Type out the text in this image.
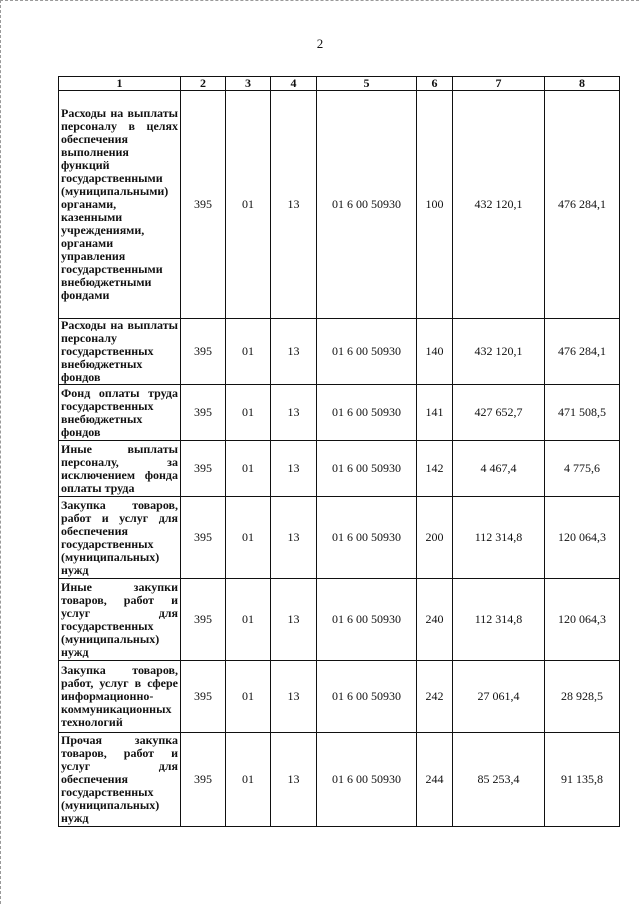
2
1	2	3	4	5	6	7	8
Расходы на выплаты персоналу в целях обеспечения выполнения функций государственными (муниципальными) органами, казенными учреждениями, органами управления государственными внебюджетными фондами	395	01	13	01 6 00 50930	100	432 120,1	476 284,1
Расходы на выплаты персоналу государственных внебюджетных фондов	395	01	13	01 6 00 50930	140	432 120,1	476 284,1
Фонд оплаты труда государственных внебюджетных фондов	395	01	13	01 6 00 50930	141	427 652,7	471 508,5
Иные выплаты персоналу, за исключением фонда оплаты труда	395	01	13	01 6 00 50930	142	4 467,4	4 775,6
Закупка товаров, работ и услуг для обеспечения государственных (муниципальных) нужд	395	01	13	01 6 00 50930	200	112 314,8	120 064,3
Иные закупки товаров, работ и услуг для государственных (муниципальных) нужд	395	01	13	01 6 00 50930	240	112 314,8	120 064,3
Закупка товаров, работ, услуг в сфере информационно-коммуникационных технологий	395	01	13	01 6 00 50930	242	27 061,4	28 928,5
Прочая закупка товаров, работ и услуг для обеспечения государственных (муниципальных) нужд	395	01	13	01 6 00 50930	244	85 253,4	91 135,8
